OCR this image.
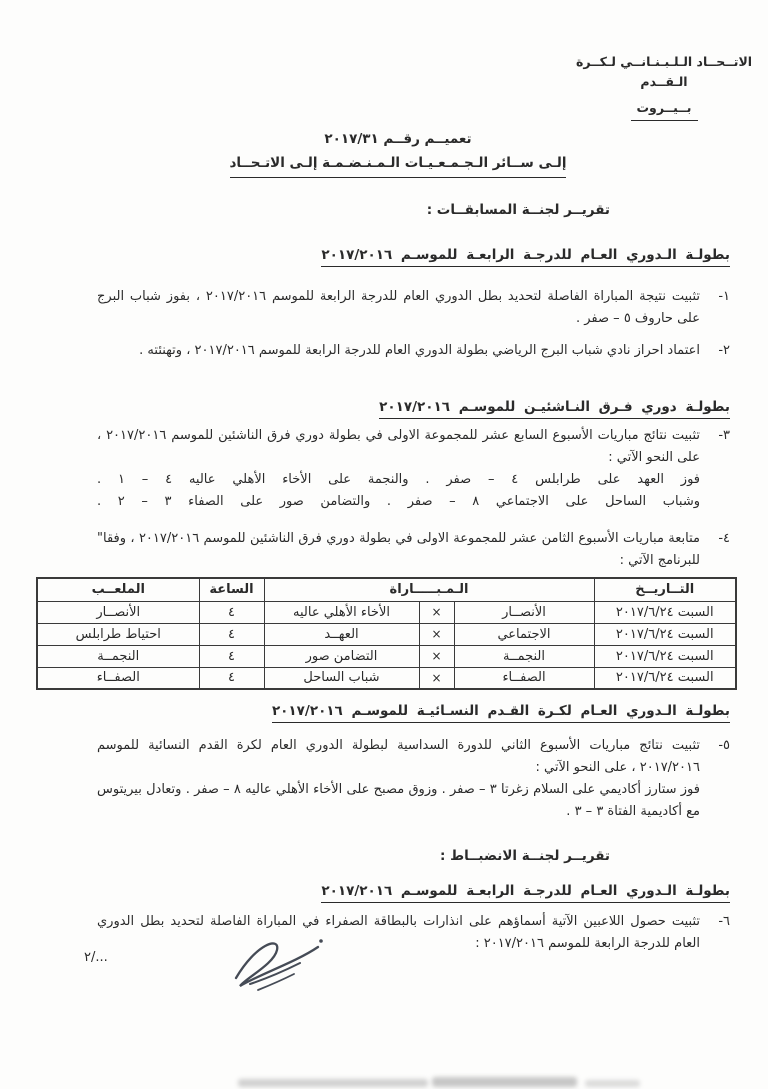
الاتــحــاد الـلـبـنـانــي لـكــرة الـقــدم
بــيــروت
تعميــم رقــم ٢٠١٧/٣١
إلـى ســائر الـجـمـعـيـات الـمـنـضـمـة إلـى الاتـحــاد
تقريــر لجنــة المسابقــات :
بطولـة الـدوري العـام للدرجـة الرابعـة للموسـم ٢٠١٧/٢٠١٦
١-
تثبيت نتيجة المباراة الفاصلة لتحديد بطل الدوري العام للدرجة الرابعة للموسم ٢٠١٧/٢٠١٦ ، بفوز شباب البرج على حاروف ٥ – صفر .
٢-
اعتماد احراز نادي شباب البرج الرياضي بطولة الدوري العام للدرجة الرابعة للموسم ٢٠١٧/٢٠١٦ ، وتهنئته .
بطولـة دوري فـرق النـاشئيـن للموسـم ٢٠١٧/٢٠١٦
٣-
تثبيت نتائج مباريات الأسبوع السابع عشر للمجموعة الاولى في بطولة دوري فرق الناشئين للموسم ٢٠١٧/٢٠١٦ ، على النحو الآتي :
فوز العهد على طرابلس ٤ – صفر . والنجمة على الأخاء الأهلي عاليه ٤ – ١ .
وشباب الساحل على الاجتماعي ٨ – صفر . والتضامن صور على الصفاء ٣ – ٢ .
٤-
متابعة مباريات الأسبوع الثامن عشر للمجموعة الاولى في بطولة دوري فرق الناشئين للموسم ٢٠١٧/٢٠١٦ ، وفقا" للبرنامج الآتي :
التــاريــخ	الـمـبـــــاراة			الساعة	الملعــب
السبت ٢٠١٧/٦/٢٤	الأنصــار	×	الأخاء الأهلي عاليه	٤	الأنصــار
السبت ٢٠١٧/٦/٢٤	الاجتماعي	×	العهــد	٤	احتياط طرابلس
السبت ٢٠١٧/٦/٢٤	النجمــة	×	التضامن صور	٤	النجمــة
السبت ٢٠١٧/٦/٢٤	الصفــاء	×	شباب الساحل	٤	الصفــاء
بطولـة الـدوري العـام لكـرة القـدم النسـائيـة للموسـم ٢٠١٧/٢٠١٦
٥-
تثبيت نتائج مباريات الأسبوع الثاني للدورة السداسية لبطولة الدوري العام لكرة القدم النسائية للموسم ٢٠١٧/٢٠١٦ ، على النحو الآتي :
فوز ستارز أكاديمي على السلام زغرتا ٣ – صفر . وزوق مصبح على الأخاء الأهلي عاليه ٨ – صفر . وتعادل بيريتوس مع أكاديمية الفتاة ٣ – ٣ .
تقريــر لجنــة الانضبــاط :
بطولـة الـدوري العـام للدرجـة الرابعـة للموسـم ٢٠١٧/٢٠١٦
٦-
تثبيت حصول اللاعبين الآتية أسماؤهم على انذارات بالبطاقة الصفراء في المباراة الفاصلة لتحديد بطل الدوري العام للدرجة الرابعة للموسم ٢٠١٧/٢٠١٦ :
٢/...
